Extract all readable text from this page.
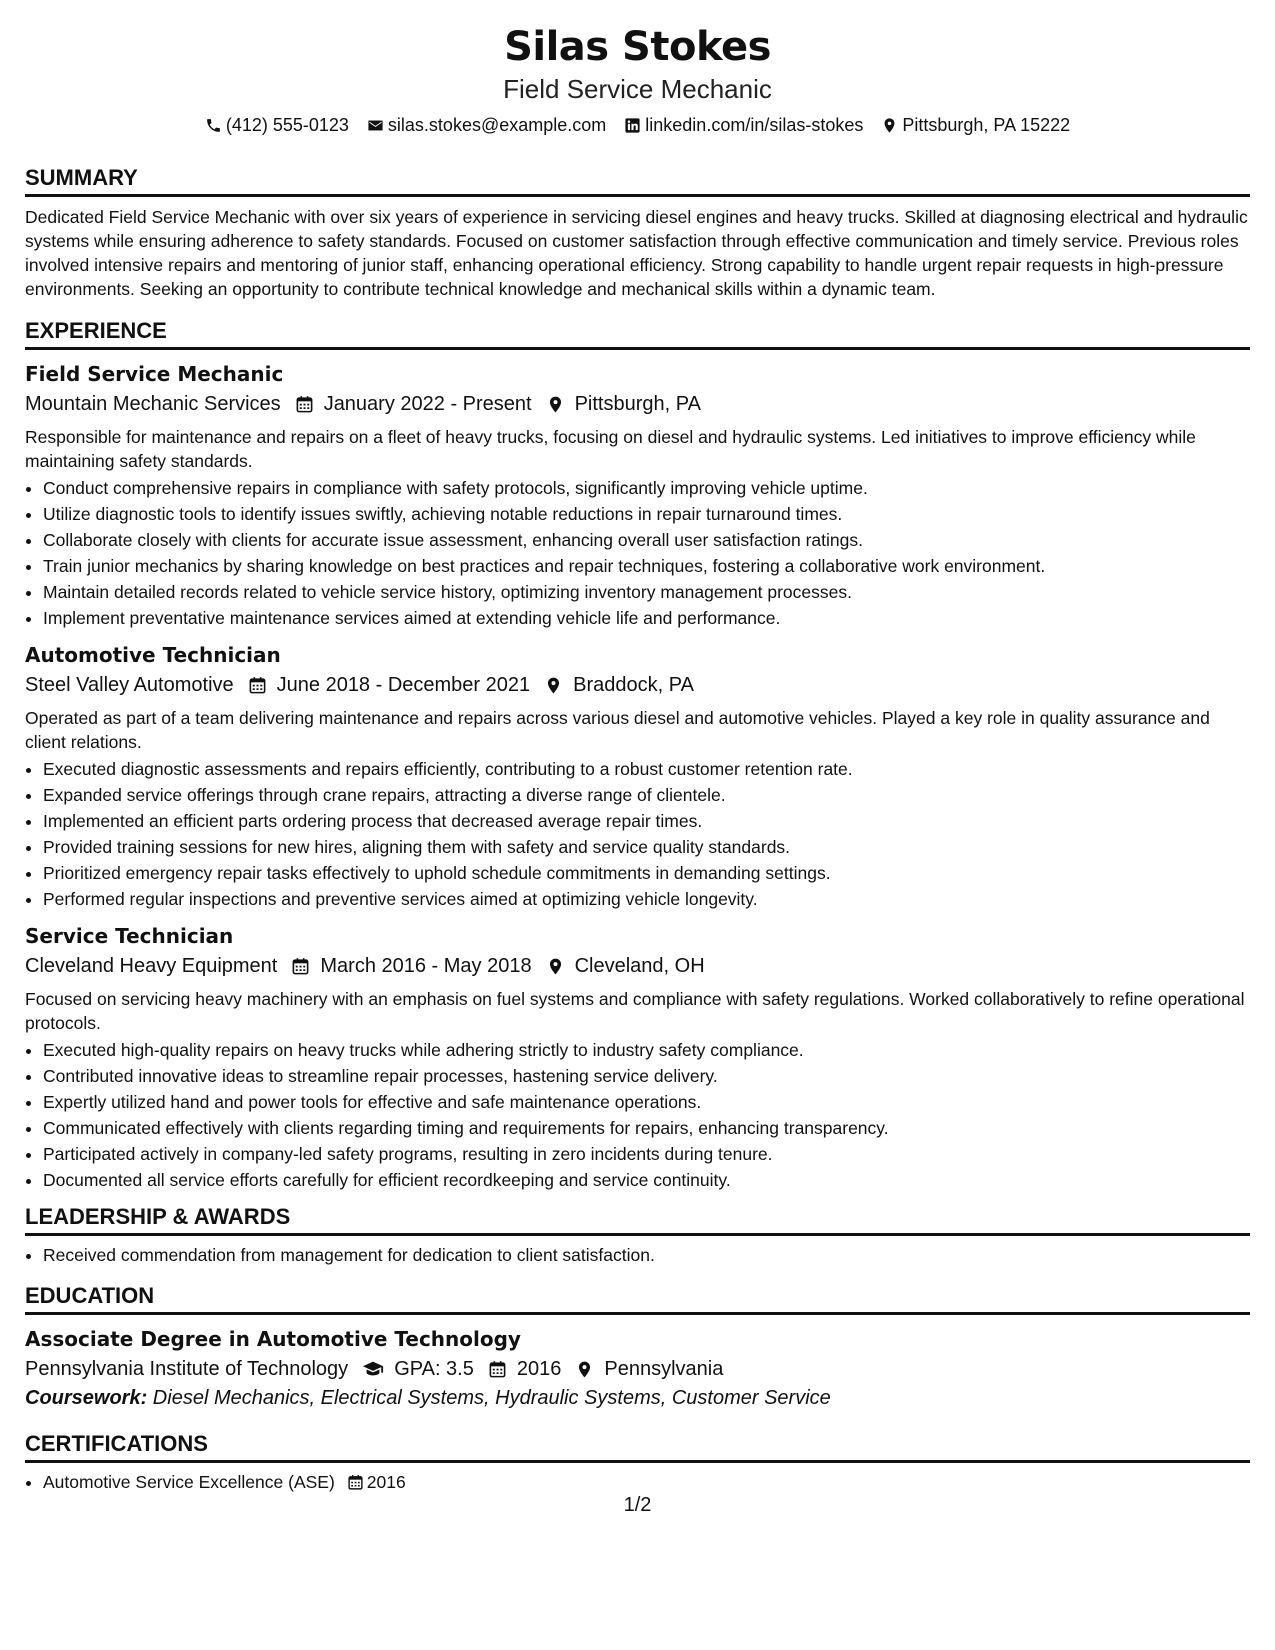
Silas Stokes
Field Service Mechanic
(412) 555-0123 silas.stokes@example.com linkedin.com/in/silas-stokes Pittsburgh, PA 15222
SUMMARY

Dedicated Field Service Mechanic with over six years of experience in servicing diesel engines and heavy trucks. Skilled at diagnosing electrical and hydraulic systems while ensuring adherence to safety standards. Focused on customer satisfaction through effective communication and timely service. Previous roles involved intensive repairs and mentoring of junior staff, enhancing operational efficiency. Strong capability to handle urgent repair requests in high-pressure environments. Seeking an opportunity to contribute technical knowledge and mechanical skills within a dynamic team.

EXPERIENCE
Field Service Mechanic
Mountain Mechanic Services January 2022 - Present Pittsburgh, PA

Responsible for maintenance and repairs on a fleet of heavy trucks, focusing on diesel and hydraulic systems. Led initiatives to improve efficiency while maintaining safety standards.

• Conduct comprehensive repairs in compliance with safety protocols, significantly improving vehicle uptime.
• Utilize diagnostic tools to identify issues swiftly, achieving notable reductions in repair turnaround times.
• Collaborate closely with clients for accurate issue assessment, enhancing overall user satisfaction ratings.
• Train junior mechanics by sharing knowledge on best practices and repair techniques, fostering a collaborative work environment.
• Maintain detailed records related to vehicle service history, optimizing inventory management processes.
• Implement preventative maintenance services aimed at extending vehicle life and performance.
Automotive Technician
Steel Valley Automotive June 2018 - December 2021 Braddock, PA

Operated as part of a team delivering maintenance and repairs across various diesel and automotive vehicles. Played a key role in quality assurance and client relations.

• Executed diagnostic assessments and repairs efficiently, contributing to a robust customer retention rate.
• Expanded service offerings through crane repairs, attracting a diverse range of clientele.
• Implemented an efficient parts ordering process that decreased average repair times.
• Provided training sessions for new hires, aligning them with safety and service quality standards.
• Prioritized emergency repair tasks effectively to uphold schedule commitments in demanding settings.
• Performed regular inspections and preventive services aimed at optimizing vehicle longevity.
Service Technician
Cleveland Heavy Equipment March 2016 - May 2018 Cleveland, OH

Focused on servicing heavy machinery with an emphasis on fuel systems and compliance with safety regulations. Worked collaboratively to refine operational protocols.

• Executed high-quality repairs on heavy trucks while adhering strictly to industry safety compliance.
• Contributed innovative ideas to streamline repair processes, hastening service delivery.
• Expertly utilized hand and power tools for effective and safe maintenance operations.
• Communicated effectively with clients regarding timing and requirements for repairs, enhancing transparency.
• Participated actively in company-led safety programs, resulting in zero incidents during tenure.
• Documented all service efforts carefully for efficient recordkeeping and service continuity.
LEADERSHIP & AWARDS
• Received commendation from management for dedication to client satisfaction.
EDUCATION
Associate Degree in Automotive Technology
Pennsylvania Institute of Technology GPA: 3.5 2016 Pennsylvania
Coursework: Diesel Mechanics, Electrical Systems, Hydraulic Systems, Customer Service
CERTIFICATIONS
• Automotive Service Excellence (ASE) 2016
1/2
